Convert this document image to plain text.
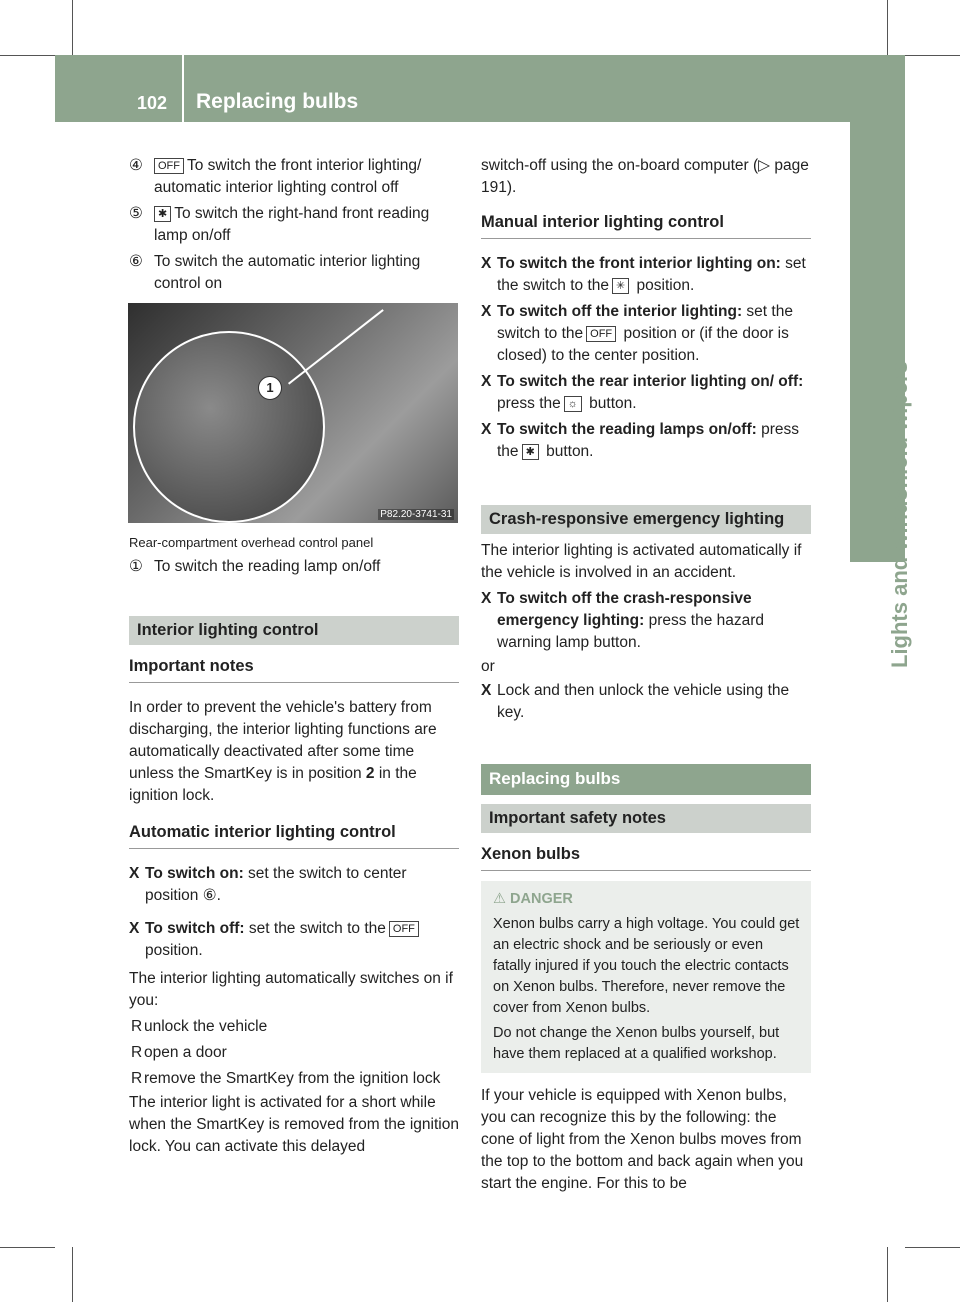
102 Replacing bulbs
Lights and windshield wipers

④ OFF To switch the front interior lighting/ automatic interior lighting control off

⑤ ✱ To switch the right-hand front reading lamp on/off

⑥ To switch the automatic interior lighting control on

1
P82.20-3741-31

Rear-compartment overhead control panel

① To switch the reading lamp on/off

Interior lighting control
Important notes

In order to prevent the vehicle's battery from discharging, the interior lighting functions are automatically deactivated after some time unless the SmartKey is in position 2 in the ignition lock.

Automatic interior lighting control

X To switch on: set the switch to center position ⑥.

X To switch off: set the switch to the OFF position.

The interior lighting automatically switches on if you:

R unlock the vehicle

R open a door

R remove the SmartKey from the ignition lock

The interior light is activated for a short while when the SmartKey is removed from the ignition lock. You can activate this delayed

switch-off using the on-board computer (▷ page 191).

Manual interior lighting control

X To switch the front interior lighting on: set the switch to the ✳ position.

X To switch off the interior lighting: set the switch to the OFF position or (if the door is closed) to the center position.

X To switch the rear interior lighting on/ off: press the ☼ button.

X To switch the reading lamps on/off: press the ✱ button.

Crash-responsive emergency lighting

The interior lighting is activated automatically if the vehicle is involved in an accident.

X To switch off the crash-responsive emergency lighting: press the hazard warning lamp button.

or

X Lock and then unlock the vehicle using the key.

Replacing bulbs
Important safety notes
Xenon bulbs
⚠ DANGER

Xenon bulbs carry a high voltage. You could get an electric shock and be seriously or even fatally injured if you touch the electric contacts on Xenon bulbs. Therefore, never remove the cover from Xenon bulbs.

Do not change the Xenon bulbs yourself, but have them replaced at a qualified workshop.

If your vehicle is equipped with Xenon bulbs, you can recognize this by the following: the cone of light from the Xenon bulbs moves from the top to the bottom and back again when you start the engine. For this to be
